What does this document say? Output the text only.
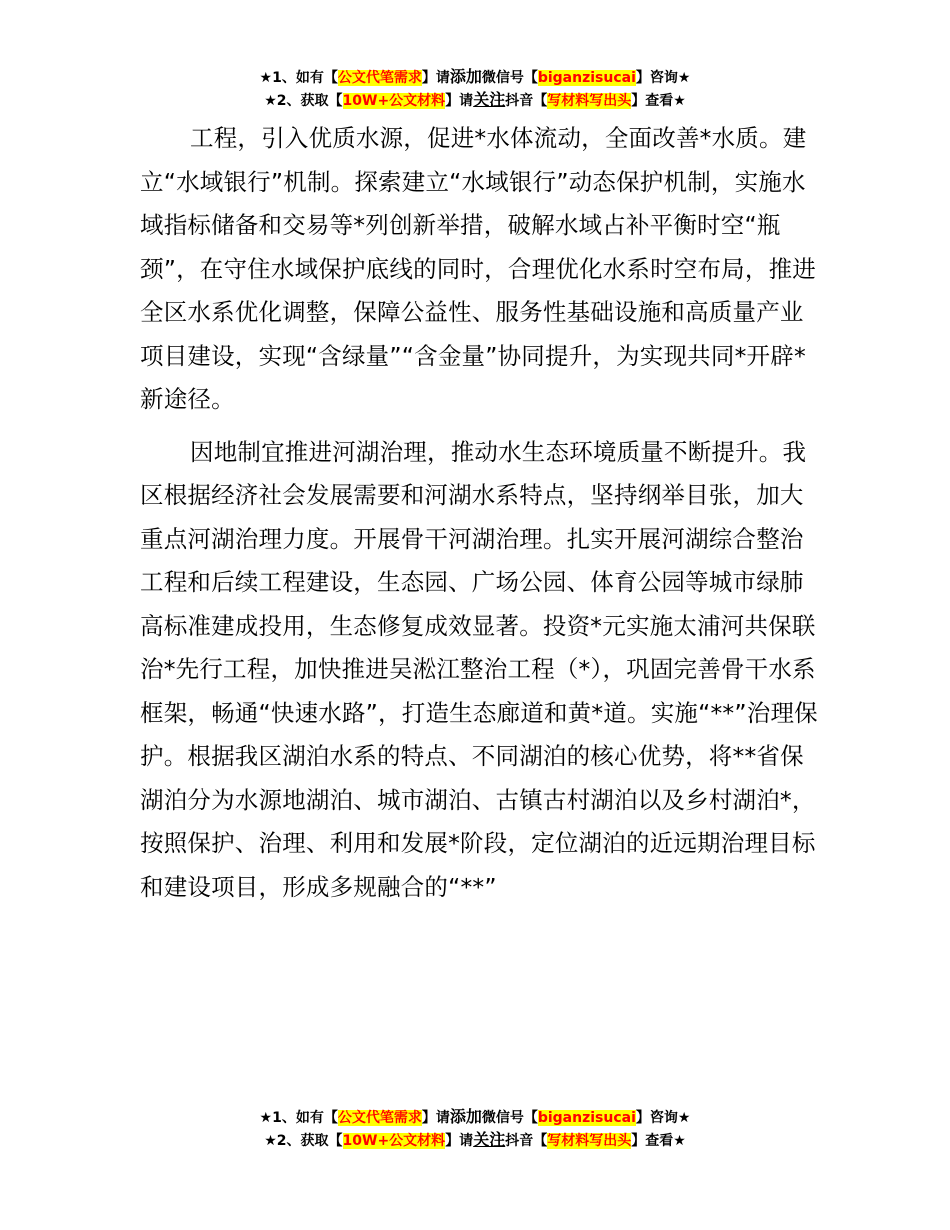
★1、如有【公文代笔需求】请添加微信号【biganzisucai】咨询★
★2、获取【10W+公文材料】请关注抖音【写材料写出头】查看★

工程，引入优质水源，促进*水体流动，全面改善*水质。建立“水域银行”机制。探索建立“水域银行”动态保护机制，实施水域指标储备和交易等*列创新举措，破解水域占补平衡时空“瓶颈”，在守住水域保护底线的同时，合理优化水系时空布局，推进全区水系优化调整，保障公益性、服务性基础设施和高质量产业项目建设，实现“含绿量”“含金量”协同提升，为实现共同*开辟*新途径。

因地制宜推进河湖治理，推动水生态环境质量不断提升。我区根据经济社会发展需要和河湖水系特点，坚持纲举目张，加大重点河湖治理力度。开展骨干河湖治理。扎实开展河湖综合整治工程和后续工程建设，生态园、广场公园、体育公园等城市绿肺高标准建成投用，生态修复成效显著。投资*元实施太浦河共保联治*先行工程，加快推进吴淞江整治工程（*），巩固完善骨干水系框架，畅通“快速水路”，打造生态廊道和黄*道。实施“**”治理保护。根据我区湖泊水系的特点、不同湖泊的核心优势，将**省保湖泊分为水源地湖泊、城市湖泊、古镇古村湖泊以及乡村湖泊*，按照保护、治理、利用和发展*阶段，定位湖泊的近远期治理目标和建设项目，形成多规融合的“**”

★1、如有【公文代笔需求】请添加微信号【biganzisucai】咨询★
★2、获取【10W+公文材料】请关注抖音【写材料写出头】查看★
